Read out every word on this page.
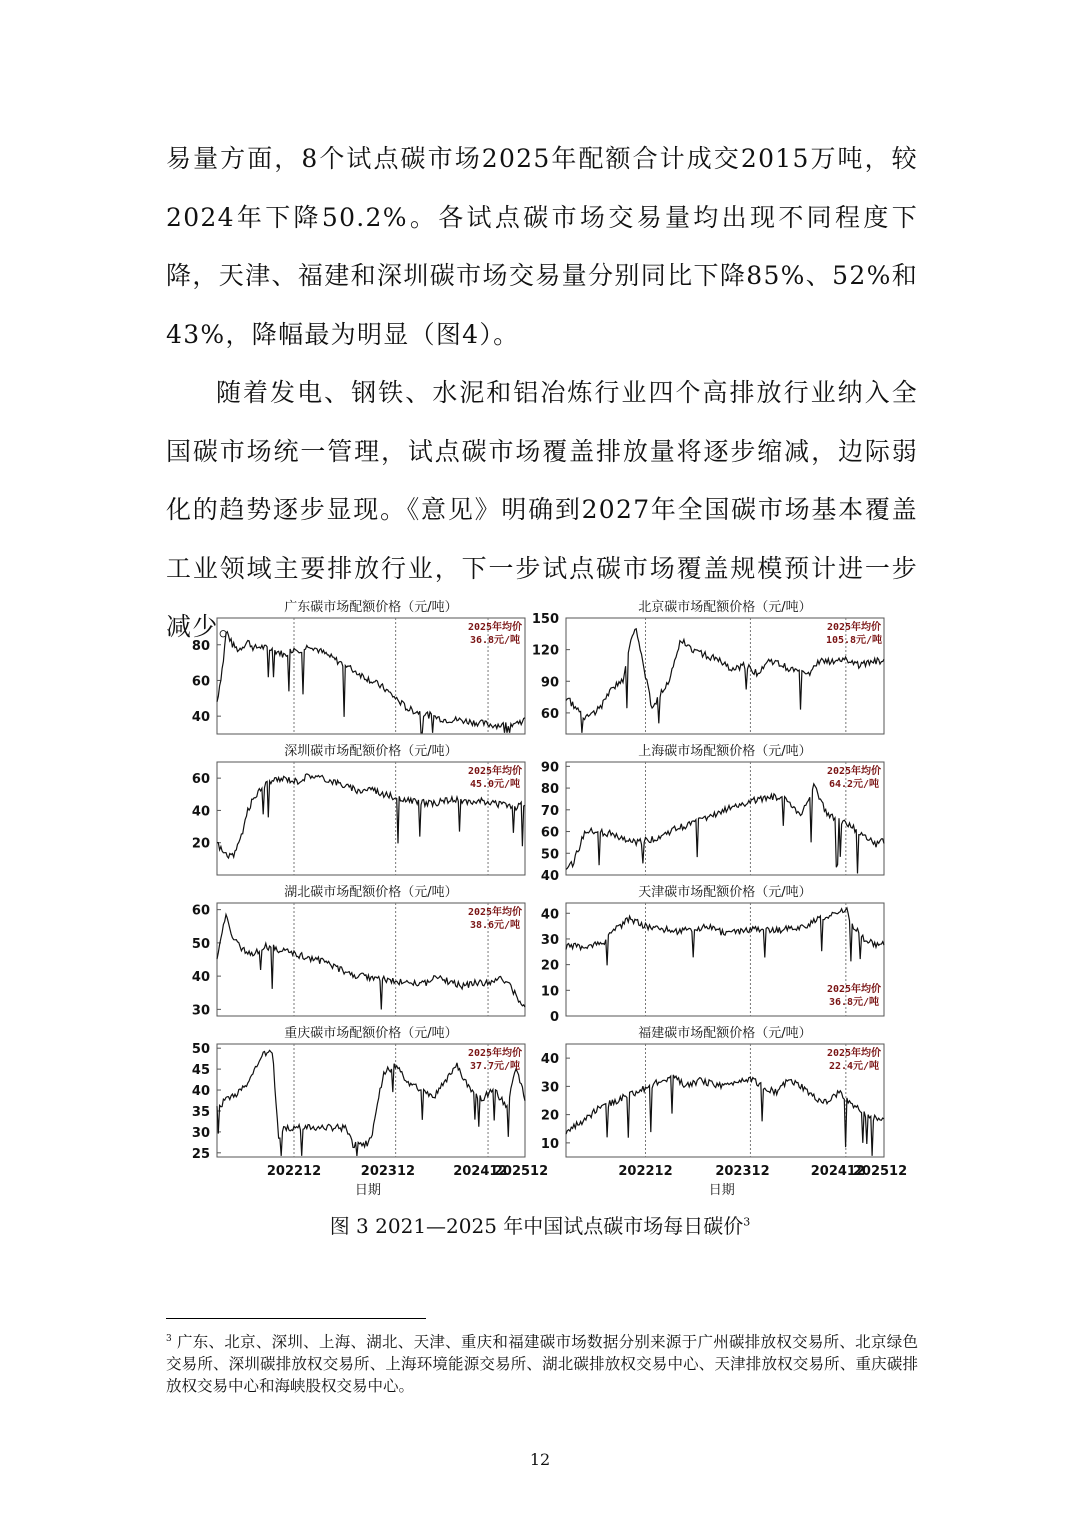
易量方面，8个试点碳市场2025年配额合计成交2015万吨，较2024年下降50.2%。各试点碳市场交易量均出现不同程度下降，天津、福建和深圳碳市场交易量分别同比下降85%、52%和43%，降幅最为明显（图4）。

随着发电、钢铁、水泥和铝冶炼行业四个高排放行业纳入全国碳市场统一管理，试点碳市场覆盖排放量将逐步缩减，边际弱化的趋势逐步显现。《意见》明确到2027年全国碳市场基本覆盖工业领域主要排放行业，下一步试点碳市场覆盖规模预计进一步减少。

广东碳市场配额价格（元/吨）
40
60
80
2025年均价
36.8元/吨
北京碳市场配额价格（元/吨）
60
90
120
150
2025年均价
105.8元/吨
深圳碳市场配额价格（元/吨）
20
40
60
2025年均价
45.0元/吨
上海碳市场配额价格（元/吨）
40
50
60
70
80
90	2025年均价
64.2元/吨
湖北碳市场配额价格（元/吨）
30
40
50
60	2025年均价
38.6元/吨
天津碳市场配额价格（元/吨）
0
10
20
30
40
2025年均价
36.8元/吨
重庆碳市场配额价格（元/吨）
25
30
35
40
45
50	2025年均价
37.7元/吨
202212	202312	202412
202512
日期
福建碳市场配额价格（元/吨）
10
20
30
40	2025年均价
22.4元/吨
202212	202312	202412
202512
日期
图 3 2021—2025 年中国试点碳市场每日碳价$^3$

$^3$ 广东、北京、深圳、上海、湖北、天津、重庆和福建碳市场数据分别来源于广州碳排放权交易所、北京绿色交易所、深圳碳排放权交易所、上海环境能源交易所、湖北碳排放权交易中心、天津排放权交易所、重庆碳排放权交易中心和海峡股权交易中心。

12
